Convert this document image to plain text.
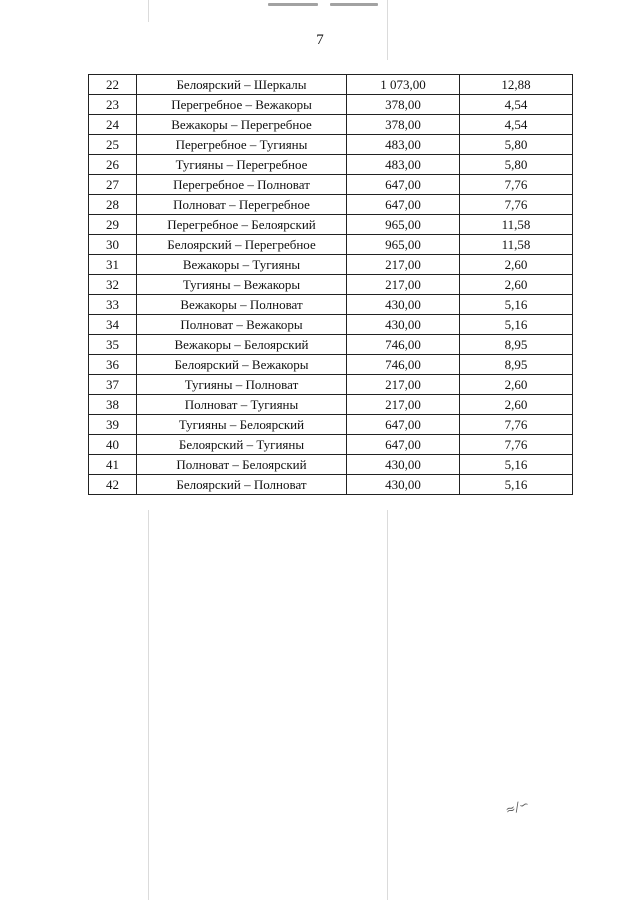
7
22	Белоярский – Шеркалы	1 073,00	12,88
23	Перегребное – Вежакоры	378,00	4,54
24	Вежакоры – Перегребное	378,00	4,54
25	Перегребное – Тугияны	483,00	5,80
26	Тугияны – Перегребное	483,00	5,80
27	Перегребное – Полноват	647,00	7,76
28	Полноват – Перегребное	647,00	7,76
29	Перегребное – Белоярский	965,00	11,58
30	Белоярский – Перегребное	965,00	11,58
31	Вежакоры – Тугияны	217,00	2,60
32	Тугияны – Вежакоры	217,00	2,60
33	Вежакоры – Полноват	430,00	5,16
34	Полноват – Вежакоры	430,00	5,16
35	Вежакоры – Белоярский	746,00	8,95
36	Белоярский – Вежакоры	746,00	8,95
37	Тугияны – Полноват	217,00	2,60
38	Полноват – Тугияны	217,00	2,60
39	Тугияны – Белоярский	647,00	7,76
40	Белоярский – Тугияны	647,00	7,76
41	Полноват – Белоярский	430,00	5,16
42	Белоярский – Полноват	430,00	5,16
≈∕∽
